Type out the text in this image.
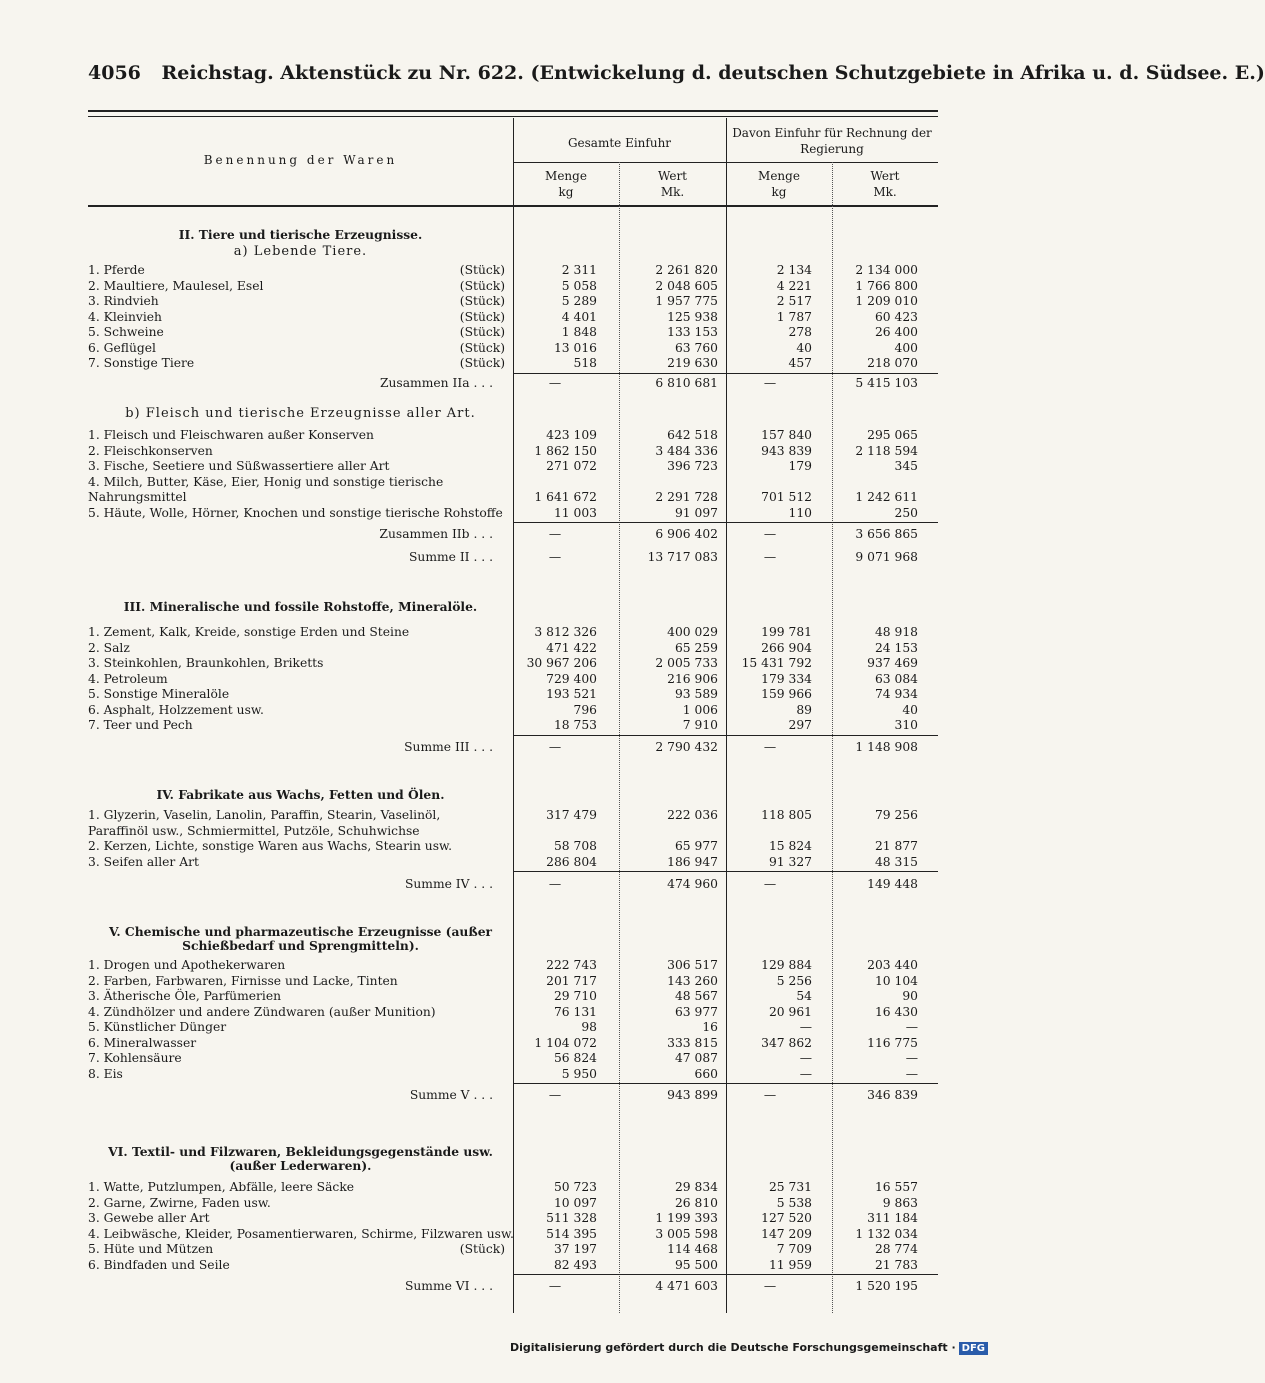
4056 Reichstag. Aktenstück zu Nr. 622. (Entwickelung d. deutschen Schutzgebiete in Afrika u. d. Südsee. E.)
Benennung der Waren
Gesamte Einfuhr
Davon Einfuhr für Rechnung der Regierung
Menge
kg
Wert
Mk.
Menge
kg
Wert
Mk.
II. Tiere und tierische Erzeugnisse.
a) Lebende Tiere.
1. Pferde	(Stück)	2 311	2 261 820	2 134	2 134 000
2. Maultiere, Maulesel, Esel	(Stück)	5 058	2 048 605	4 221	1 766 800
3. Rindvieh	(Stück)	5 289	1 957 775	2 517	1 209 010
4. Kleinvieh	(Stück)	4 401	125 938	1 787	60 423
5. Schweine	(Stück)	1 848	133 153	278	26 400
6. Geflügel	(Stück)	13 016	63 760	40	400
7. Sonstige Tiere	(Stück)	518	219 630	457	218 070
Zusammen IIa . . .	—	6 810 681	—	5 415 103
b) Fleisch und tierische Erzeugnisse aller Art.
1. Fleisch und Fleischwaren außer Konserven	423 109	642 518	157 840	295 065
2. Fleischkonserven	1 862 150	3 484 336	943 839	2 118 594
3. Fische, Seetiere und Süßwassertiere aller Art	271 072	396 723	179	345
4. Milch, Butter, Käse, Eier, Honig und sonstige tierische
Nahrungsmittel	1 641 672	2 291 728	701 512	1 242 611
5. Häute, Wolle, Hörner, Knochen und sonstige tierische Rohstoffe	11 003	91 097	110	250
Zusammen IIb . . .	—	6 906 402	—	3 656 865
Summe II . . .	—	13 717 083	—	9 071 968
III. Mineralische und fossile Rohstoffe, Mineralöle.
1. Zement, Kalk, Kreide, sonstige Erden und Steine	3 812 326	400 029	199 781	48 918
2. Salz	471 422	65 259	266 904	24 153
3. Steinkohlen, Braunkohlen, Briketts	30 967 206	2 005 733	15 431 792	937 469
4. Petroleum	729 400	216 906	179 334	63 084
5. Sonstige Mineralöle	193 521	93 589	159 966	74 934
6. Asphalt, Holzzement usw.	796	1 006	89	40
7. Teer und Pech	18 753	7 910	297	310
Summe III . . .	—	2 790 432	—	1 148 908
IV. Fabrikate aus Wachs, Fetten und Ölen.
1. Glyzerin, Vaselin, Lanolin, Paraffin, Stearin, Vaselinöl,	317 479	222 036	118 805	79 256
Paraffinöl usw., Schmiermittel, Putzöle, Schuhwichse
2. Kerzen, Lichte, sonstige Waren aus Wachs, Stearin usw.	58 708	65 977	15 824	21 877
3. Seifen aller Art	286 804	186 947	91 327	48 315
Summe IV . . .	—	474 960	—	149 448
V. Chemische und pharmazeutische Erzeugnisse (außer Schießbedarf und Sprengmitteln).
1. Drogen und Apothekerwaren	222 743	306 517	129 884	203 440
2. Farben, Farbwaren, Firnisse und Lacke, Tinten	201 717	143 260	5 256	10 104
3. Ätherische Öle, Parfümerien	29 710	48 567	54	90
4. Zündhölzer und andere Zündwaren (außer Munition)	76 131	63 977	20 961	16 430
5. Künstlicher Dünger	98	16	—	—
6. Mineralwasser	1 104 072	333 815	347 862	116 775
7. Kohlensäure	56 824	47 087	—	—
8. Eis	5 950	660	—	—
Summe V . . .	—	943 899	—	346 839
VI. Textil- und Filzwaren, Bekleidungsgegenstände usw. (außer Lederwaren).
1. Watte, Putzlumpen, Abfälle, leere Säcke	50 723	29 834	25 731	16 557
2. Garne, Zwirne, Faden usw.	10 097	26 810	5 538	9 863
3. Gewebe aller Art	511 328	1 199 393	127 520	311 184
4. Leibwäsche, Kleider, Posamentierwaren, Schirme, Filzwaren usw.	514 395	3 005 598	147 209	1 132 034
5. Hüte und Mützen	(Stück)	37 197	114 468	7 709	28 774
6. Bindfaden und Seile	82 493	95 500	11 959	21 783
Summe VI . . .	—	4 471 603	—	1 520 195
Digitalisierung gefördert durch die Deutsche Forschungsgemeinschaft · DFG
